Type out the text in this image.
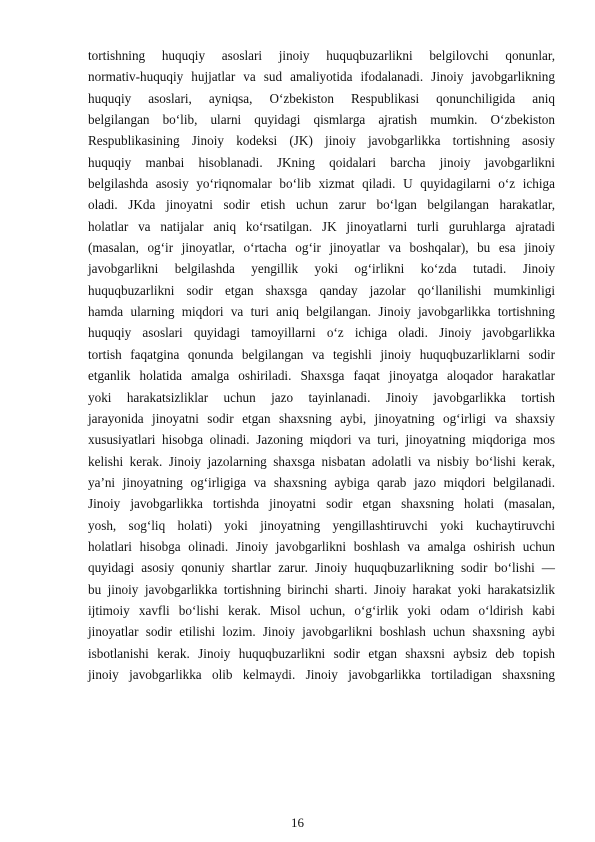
tortishning huquqiy asoslari jinoiy huquqbuzarlikni belgilovchi qonunlar,
normativ-huquqiy hujjatlar va sud amaliyotida ifodalanadi. Jinoiy javobgarlikning
huquqiy asoslari, ayniqsa, O‘zbekiston Respublikasi qonunchiligida aniq
belgilangan bo‘lib, ularni quyidagi qismlarga ajratish mumkin. O‘zbekiston
Respublikasining Jinoiy kodeksi (JK) jinoiy javobgarlikka tortishning asosiy
huquqiy manbai hisoblanadi. JKning qoidalari barcha jinoiy javobgarlikni
belgilashda asosiy yo‘riqnomalar bo‘lib xizmat qiladi. U quyidagilarni o‘z ichiga
oladi. JKda jinoyatni sodir etish uchun zarur bo‘lgan belgilangan harakatlar,
holatlar va natijalar aniq ko‘rsatilgan. JK jinoyatlarni turli guruhlarga ajratadi
(masalan, og‘ir jinoyatlar, o‘rtacha og‘ir jinoyatlar va boshqalar), bu esa jinoiy
javobgarlikni belgilashda yengillik yoki og‘irlikni ko‘zda tutadi. Jinoiy
huquqbuzarlikni sodir etgan shaxsga qanday jazolar qo‘llanilishi mumkinligi
hamda ularning miqdori va turi aniq belgilangan. Jinoiy javobgarlikka tortishning
huquqiy asoslari quyidagi tamoyillarni o‘z ichiga oladi. Jinoiy javobgarlikka
tortish faqatgina qonunda belgilangan va tegishli jinoiy huquqbuzarliklarni sodir
etganlik holatida amalga oshiriladi. Shaxsga faqat jinoyatga aloqador harakatlar
yoki harakatsizliklar uchun jazo tayinlanadi. Jinoiy javobgarlikka tortish
jarayonida jinoyatni sodir etgan shaxsning aybi, jinoyatning og‘irligi va shaxsiy
xususiyatlari hisobga olinadi. Jazoning miqdori va turi, jinoyatning miqdoriga mos
kelishi kerak. Jinoiy jazolarning shaxsga nisbatan adolatli va nisbiy bo‘lishi kerak,
ya’ni jinoyatning og‘irligiga va shaxsning aybiga qarab jazo miqdori belgilanadi.
Jinoiy javobgarlikka tortishda jinoyatni sodir etgan shaxsning holati (masalan,
yosh, sog‘liq holati) yoki jinoyatning yengillashtiruvchi yoki kuchaytiruvchi
holatlari hisobga olinadi. Jinoiy javobgarlikni boshlash va amalga oshirish uchun
quyidagi asosiy qonuniy shartlar zarur. Jinoiy huquqbuzarlikning sodir bo‘lishi —
bu jinoiy javobgarlikka tortishning birinchi sharti. Jinoiy harakat yoki harakatsizlik
ijtimoiy xavfli bo‘lishi kerak. Misol uchun, o‘g‘irlik yoki odam o‘ldirish kabi
jinoyatlar sodir etilishi lozim. Jinoiy javobgarlikni boshlash uchun shaxsning aybi
isbotlanishi kerak. Jinoiy huquqbuzarlikni sodir etgan shaxsni aybsiz deb topish
jinoiy javobgarlikka olib kelmaydi. Jinoiy javobgarlikka tortiladigan shaxsning
16
